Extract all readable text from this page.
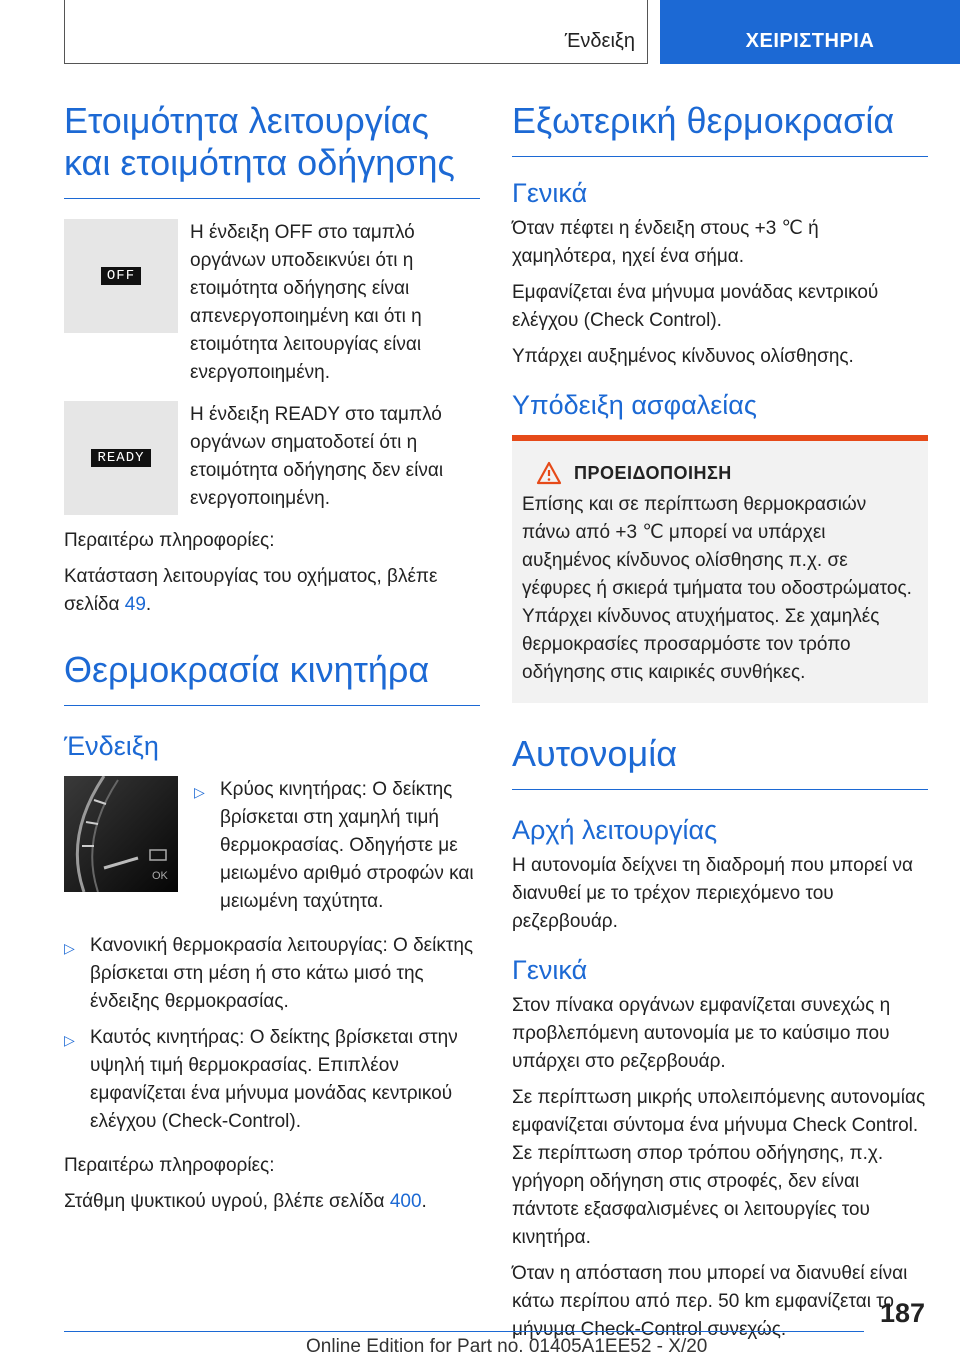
Ένδειξη	ΧΕΙΡΙΣΤΗΡΙΑ
Ετοιμότητα λειτουργίας και ετοιμότητα οδήγησης
OFF
Η ένδειξη OFF στο ταμπλό οργάνων υποδεικνύει ότι η ετοιμότητα οδήγησης είναι απενεργοποιημένη και ότι η ετοιμότητα λειτουργίας είναι ενεργοποιημένη.
READY
Η ένδειξη READY στο ταμπλό οργάνων σηματοδοτεί ότι η ετοιμότητα οδήγησης δεν είναι ενεργοποιημένη.

Περαιτέρω πληροφορίες:

Κατάσταση λειτουργίας του οχήματος, βλέπε σελίδα 49.

Θερμοκρασία κινητήρα
Ένδειξη
OK
▷ Κρύος κινητήρας: Ο δείκτης βρίσκεται στη χαμηλή τιμή θερμοκρασίας. Οδηγήστε με μειωμένο αριθμό στροφών και μειωμένη ταχύτητα.
▷ Κανονική θερμοκρασία λειτουργίας: Ο δείκτης βρίσκεται στη μέση ή στο κάτω μισό της ένδειξης θερμοκρασίας.
▷ Καυτός κινητήρας: Ο δείκτης βρίσκεται στην υψηλή τιμή θερμοκρασίας. Επιπλέον εμφανίζεται ένα μήνυμα μονάδας κεντρικού ελέγχου (Check-Control).

Περαιτέρω πληροφορίες:

Στάθμη ψυκτικού υγρού, βλέπε σελίδα 400.

Εξωτερική θερμοκρασία
Γενικά

Όταν πέφτει η ένδειξη στους +3 ℃ ή χαμηλότερα, ηχεί ένα σήμα.

Εμφανίζεται ένα μήνυμα μονάδας κεντρικού ελέγχου (Check Control).

Υπάρχει αυξημένος κίνδυνος ολίσθησης.

Υπόδειξη ασφαλείας
ΠΡΟΕΙΔΟΠΟΙΗΣΗ

Επίσης και σε περίπτωση θερμοκρασιών πάνω από +3 ℃ μπορεί να υπάρχει αυξημένος κίνδυνος ολίσθησης π.χ. σε γέφυρες ή σκιερά τμήματα του οδοστρώματος. Υπάρχει κίνδυνος ατυχήματος. Σε χαμηλές θερμοκρασίες προσαρμόστε τον τρόπο οδήγησης στις καιρικές συνθήκες.

Αυτονομία
Αρχή λειτουργίας

Η αυτονομία δείχνει τη διαδρομή που μπορεί να διανυθεί με το τρέχον περιεχόμενο του ρεζερβουάρ.

Γενικά

Στον πίνακα οργάνων εμφανίζεται συνεχώς η προβλεπόμενη αυτονομία με το καύσιμο που υπάρχει στο ρεζερβουάρ.

Σε περίπτωση μικρής υπολειπόμενης αυτονομίας εμφανίζεται σύντομα ένα μήνυμα Check Control. Σε περίπτωση σπορ τρόπου οδήγησης, π.χ. γρήγορη οδήγηση στις στροφές, δεν είναι πάντοτε εξασφαλισμένες οι λειτουργίες του κινητήρα.

Όταν η απόσταση που μπορεί να διανυθεί είναι κάτω περίπου από περ. 50 km εμφανίζεται το μήνυμα Check-Control συνεχώς.

187
Online Edition for Part no. 01405A1EE52 - X/20
